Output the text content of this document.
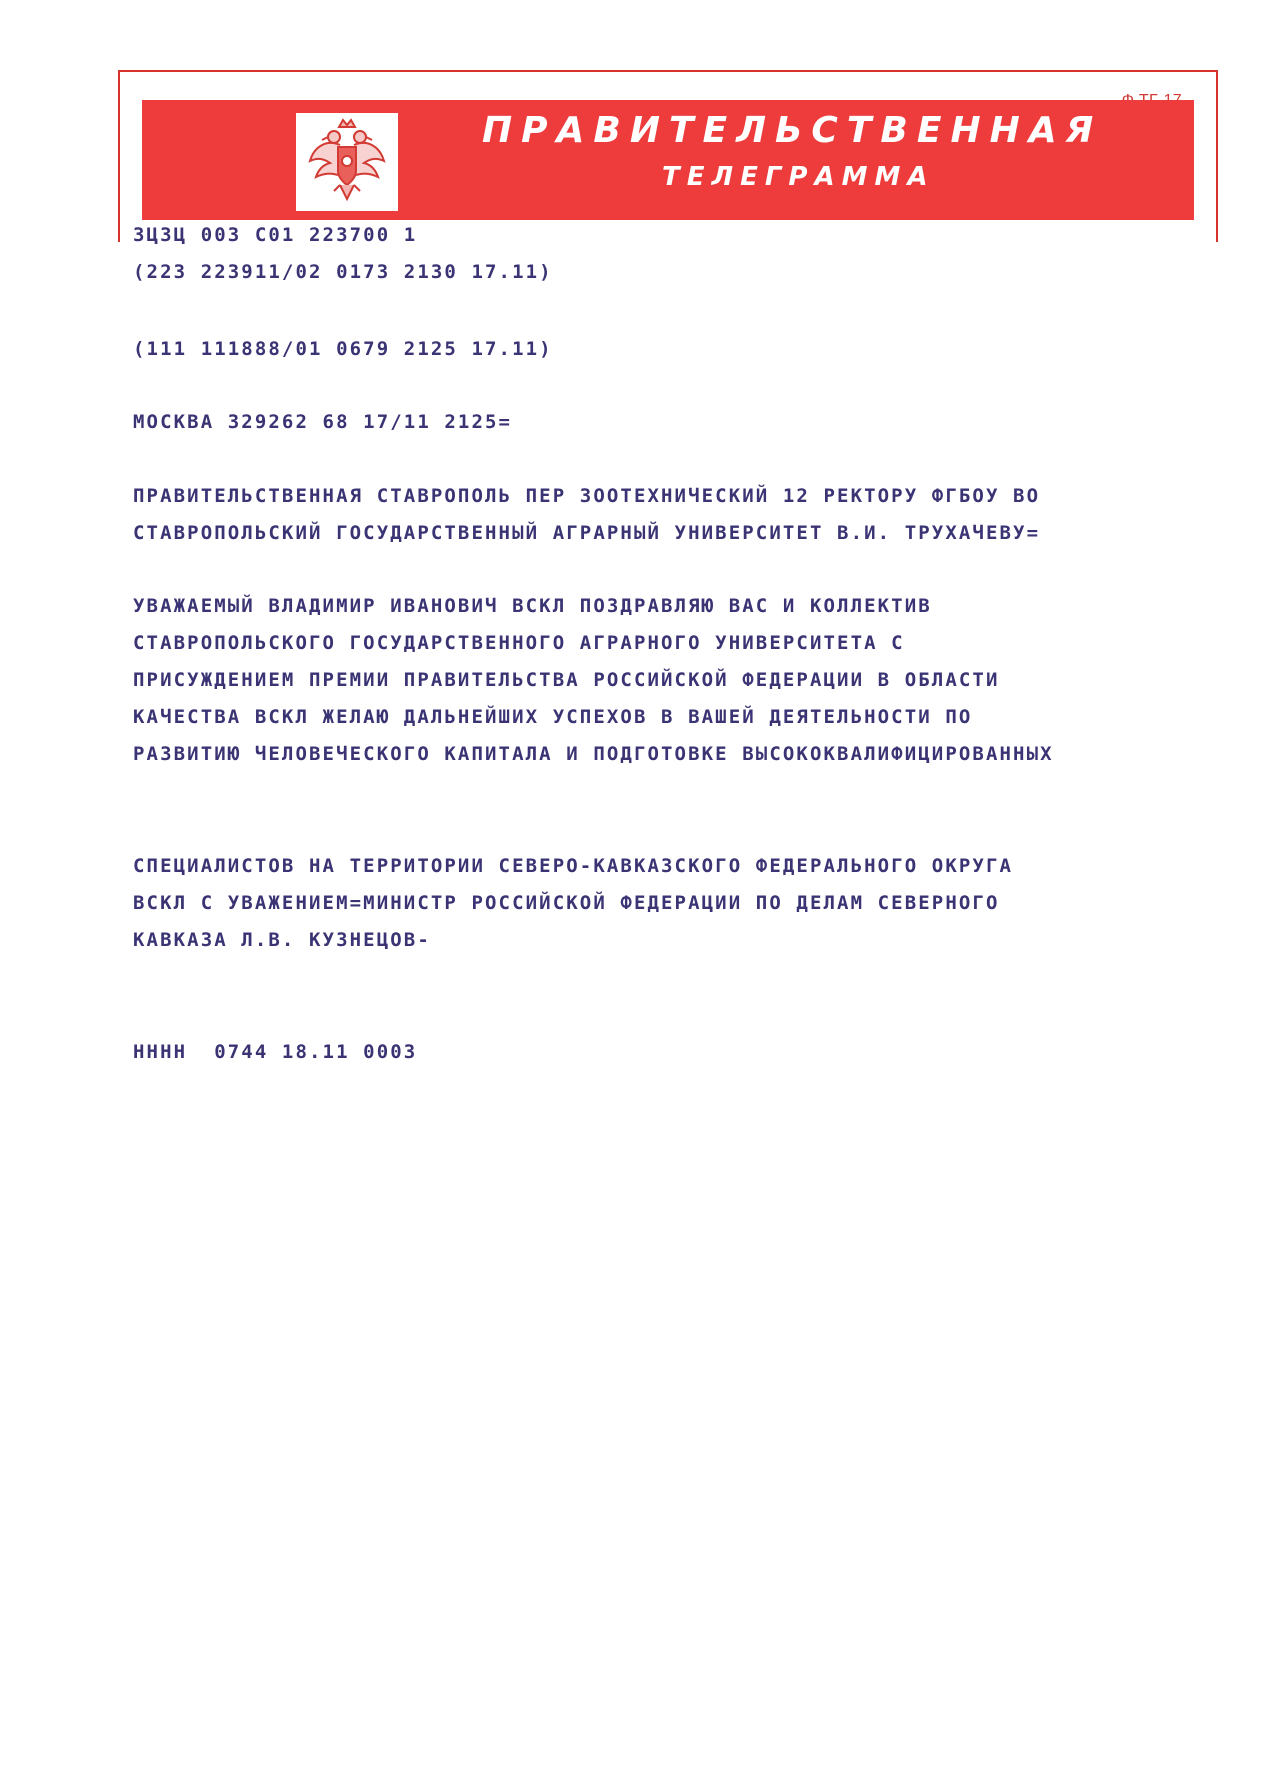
ПРАВИТЕЛЬСТВЕННАЯ
ТЕЛЕГРАММА

ЗЦЗЦ 003 С01 223700 1

(223 223911/02 0173 2130 17.11)

(111 111888/01 0679 2125 17.11)

МОСКВА 329262 68 17/11 2125=

ПРАВИТЕЛЬСТВЕННАЯ СТАВРОПОЛЬ ПЕР ЗООТЕХНИЧЕСКИЙ 12 РЕКТОРУ ФГБОУ ВО

СТАВРОПОЛЬСКИЙ ГОСУДАРСТВЕННЫЙ АГРАРНЫЙ УНИВЕРСИТЕТ В.И. ТРУХАЧЕВУ=

УВАЖАЕМЫЙ ВЛАДИМИР ИВАНОВИЧ ВСКЛ ПОЗДРАВЛЯЮ ВАС И КОЛЛЕКТИВ

СТАВРОПОЛЬСКОГО ГОСУДАРСТВЕННОГО АГРАРНОГО УНИВЕРСИТЕТА С

ПРИСУЖДЕНИЕМ ПРЕМИИ ПРАВИТЕЛЬСТВА РОССИЙСКОЙ ФЕДЕРАЦИИ В ОБЛАСТИ

КАЧЕСТВА ВСКЛ ЖЕЛАЮ ДАЛЬНЕЙШИХ УСПЕХОВ В ВАШЕЙ ДЕЯТЕЛЬНОСТИ ПО

РАЗВИТИЮ ЧЕЛОВЕЧЕСКОГО КАПИТАЛА И ПОДГОТОВКЕ ВЫСОКОКВАЛИФИЦИРОВАННЫХ

СПЕЦИАЛИСТОВ НА ТЕРРИТОРИИ СЕВЕРО-КАВКАЗСКОГО ФЕДЕРАЛЬНОГО ОКРУГА

ВСКЛ С УВАЖЕНИЕМ=МИНИСТР РОССИЙСКОЙ ФЕДЕРАЦИИ ПО ДЕЛАМ СЕВЕРНОГО

КАВКАЗА Л.В. КУЗНЕЦОВ-

НННН  0744 18.11 0003
